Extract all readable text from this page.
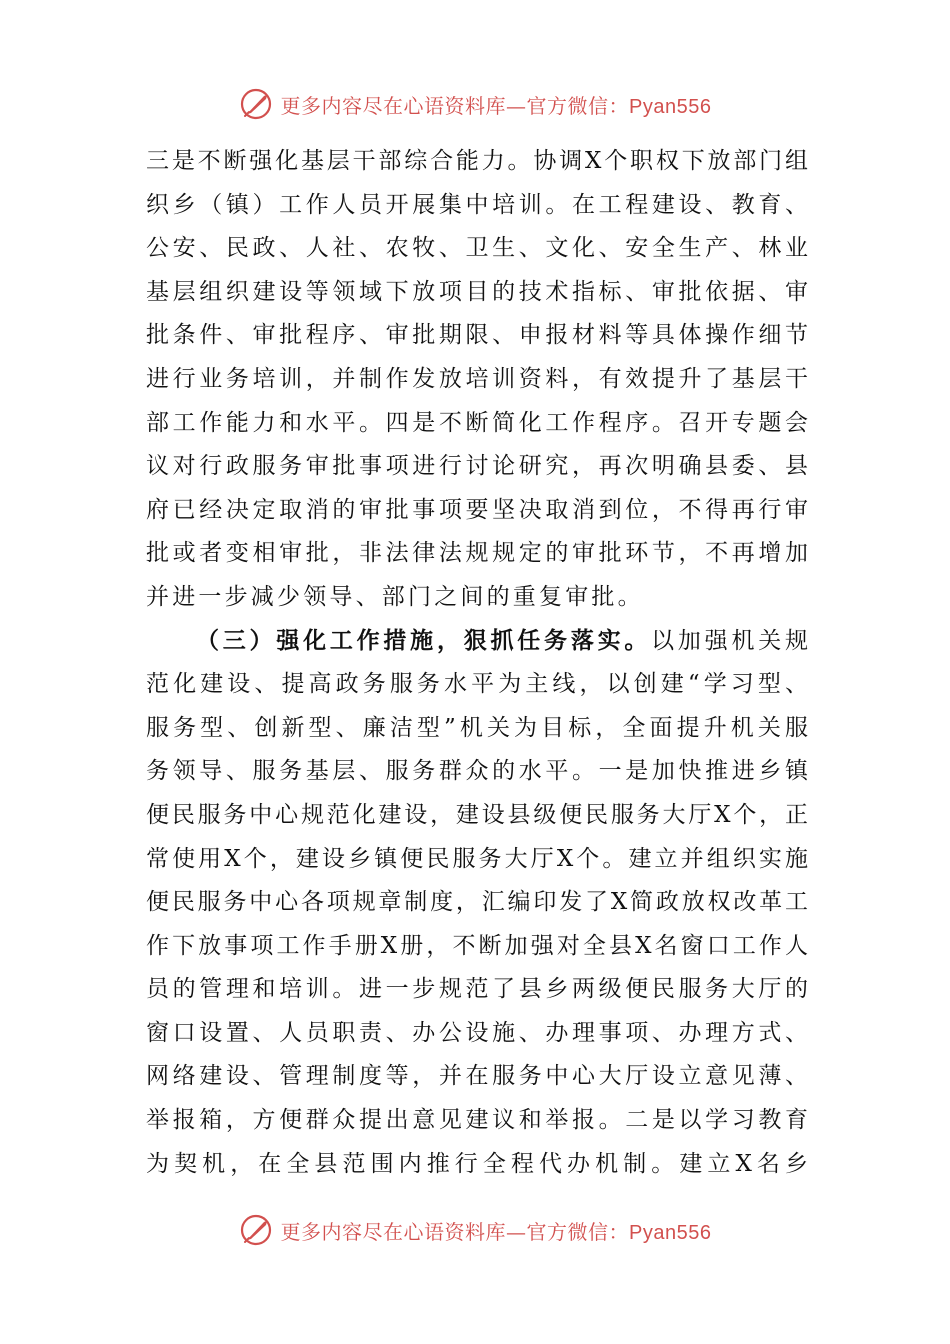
更多内容尽在心语资料库—官方微信：Pyan556
三是不断强化基层干部综合能力。协调X个职权下放部门组
织乡（镇）工作人员开展集中培训。在工程建设、教育、
公安、民政、人社、农牧、卫生、文化、安全生产、林业
基层组织建设等领域下放项目的技术指标、审批依据、审
批条件、审批程序、审批期限、申报材料等具体操作细节
进行业务培训，并制作发放培训资料，有效提升了基层干
部工作能力和水平。四是不断简化工作程序。召开专题会
议对行政服务审批事项进行讨论研究，再次明确县委、县
府已经决定取消的审批事项要坚决取消到位，不得再行审
批或者变相审批，非法律法规规定的审批环节，不再增加
并进一步减少领导、部门之间的重复审批。
（三）强化工作措施，狠抓任务落实。以加强机关规
范化建设、提高政务服务水平为主线，以创建“学习型、
服务型、创新型、廉洁型”机关为目标，全面提升机关服
务领导、服务基层、服务群众的水平。一是加快推进乡镇
便民服务中心规范化建设，建设县级便民服务大厅X个，正
常使用X个，建设乡镇便民服务大厅X个。建立并组织实施
便民服务中心各项规章制度，汇编印发了X简政放权改革工
作下放事项工作手册X册，不断加强对全县X名窗口工作人
员的管理和培训。进一步规范了县乡两级便民服务大厅的
窗口设置、人员职责、办公设施、办理事项、办理方式、
网络建设、管理制度等，并在服务中心大厅设立意见薄、
举报箱，方便群众提出意见建议和举报。二是以学习教育
为契机，在全县范围内推行全程代办机制。建立X名乡
更多内容尽在心语资料库—官方微信：Pyan556
